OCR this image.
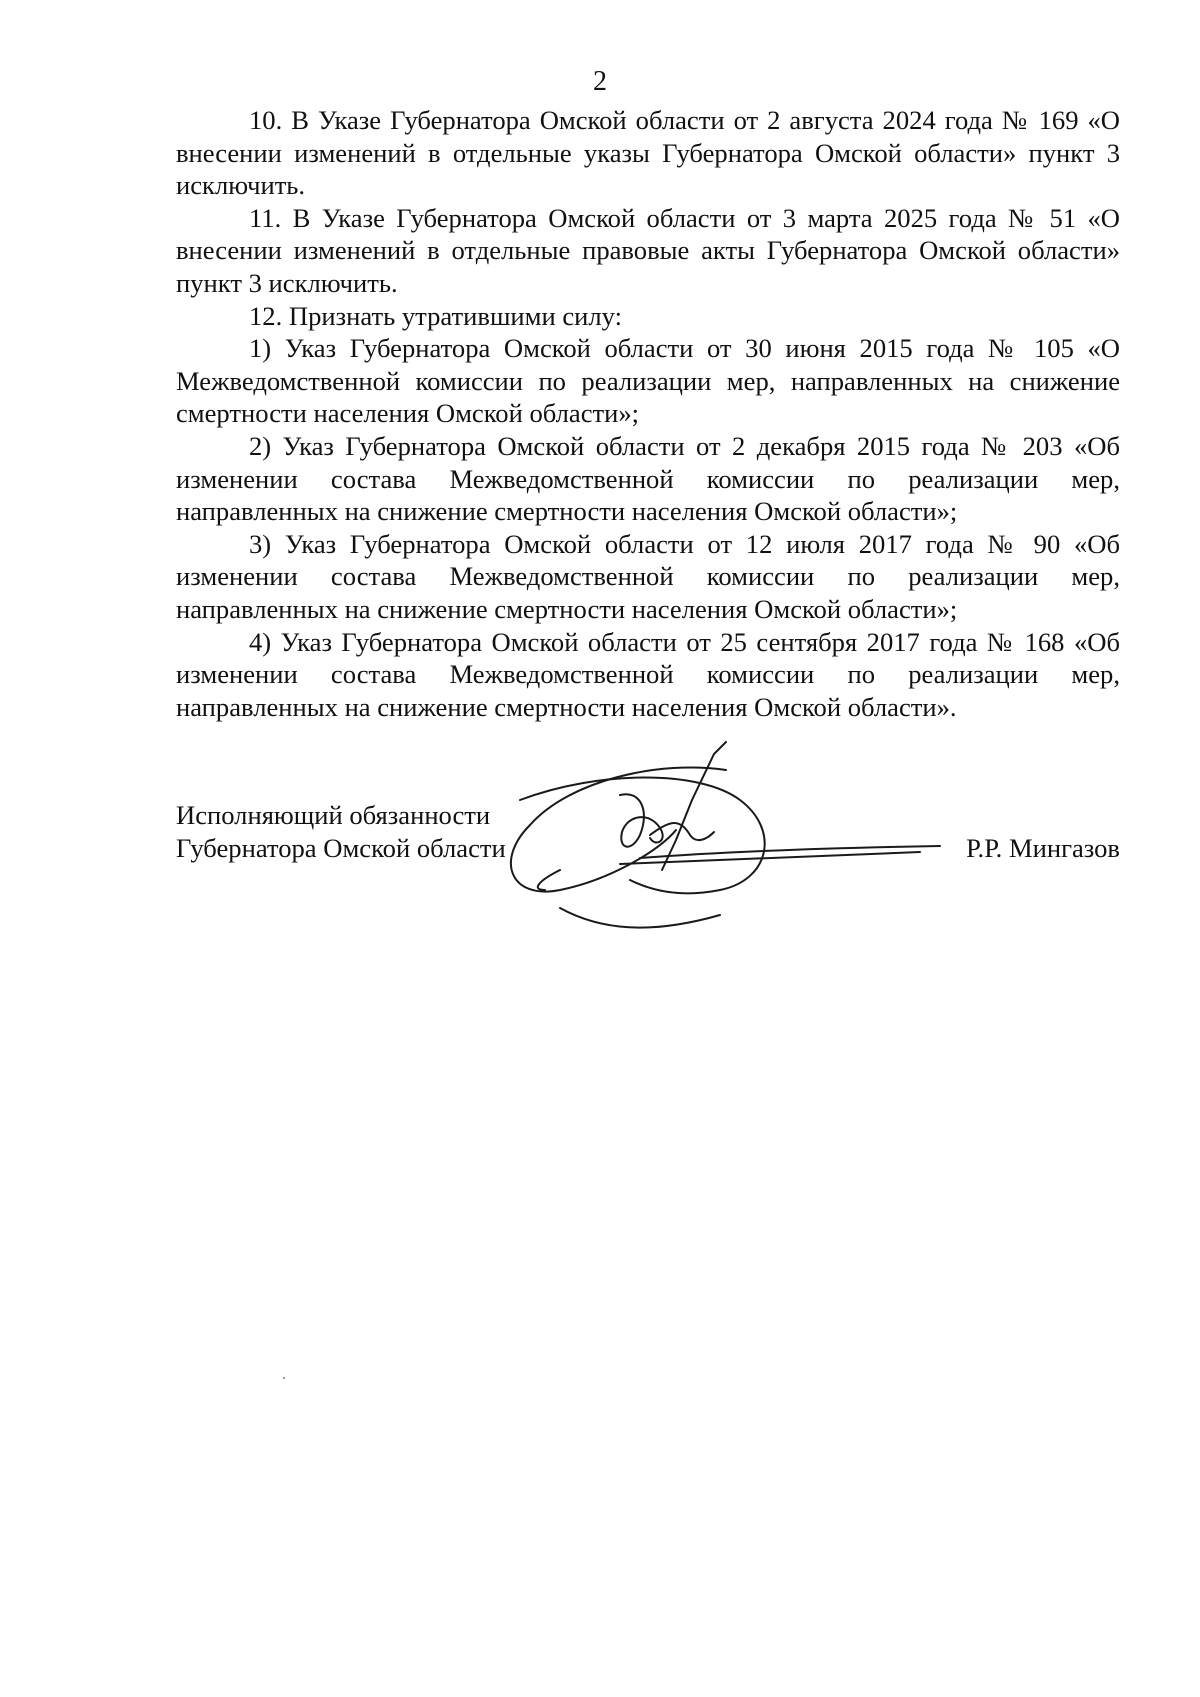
2

10. В Указе Губернатора Омской области от 2 августа 2024 года № 169 «О внесении изменений в отдельные указы Губернатора Омской области» пункт 3 исключить.

11. В Указе Губернатора Омской области от 3 марта 2025 года № 51 «О внесении изменений в отдельные правовые акты Губернатора Омской области» пункт 3 исключить.

12. Признать утратившими силу:

1) Указ Губернатора Омской области от 30 июня 2015 года № 105 «О Межведомственной комиссии по реализации мер, направленных на снижение смертности населения Омской области»;

2) Указ Губернатора Омской области от 2 декабря 2015 года № 203 «Об изменении состава Межведомственной комиссии по реализации мер, направленных на снижение смертности населения Омской области»;

3) Указ Губернатора Омской области от 12 июля 2017 года № 90 «Об изменении состава Межведомственной комиссии по реализации мер, направленных на снижение смертности населения Омской области»;

4) Указ Губернатора Омской области от 25 сентября 2017 года № 168 «Об изменении состава Межведомственной комиссии по реализации мер, направленных на снижение смертности населения Омской области».

Исполняющий обязанности
Губернатора Омской области	Р.Р. Мингазов
